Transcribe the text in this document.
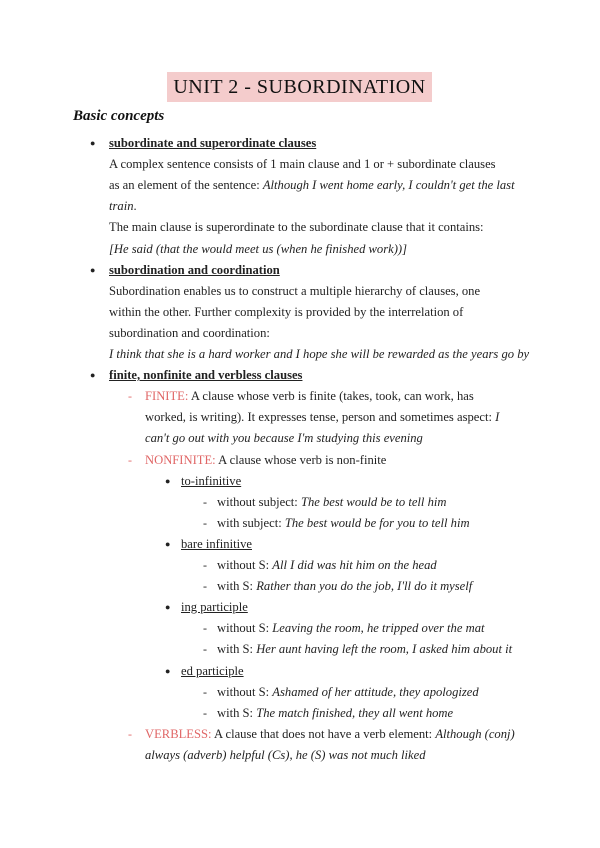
UNIT 2 - SUBORDINATION
Basic concepts
● subordinate and superordinate clauses
A complex sentence consists of 1 main clause and 1 or + subordinate clauses
as an element of the sentence: Although I went home early, I couldn't get the last
train.
The main clause is superordinate to the subordinate clause that it contains:
[He said (that the would meet us (when he finished work))]
● subordination and coordination
Subordination enables us to construct a multiple hierarchy of clauses, one
within the other. Further complexity is provided by the interrelation of
subordination and coordination:
I think that she is a hard worker and I hope she will be rewarded as the years go by
● finite, nonfinite and verbless clauses
- FINITE: A clause whose verb is finite (takes, took, can work, has
worked, is writing). It expresses tense, person and sometimes aspect: I
can't go out with you because I'm studying this evening
- NONFINITE: A clause whose verb is non-finite
● to-infinitive
- without subject: The best would be to tell him
- with subject: The best would be for you to tell him
● bare infinitive
- without S: All I did was hit him on the head
- with S: Rather than you do the job, I'll do it myself
● ing participle
- without S: Leaving the room, he tripped over the mat
- with S: Her aunt having left the room, I asked him about it
● ed participle
- without S: Ashamed of her attitude, they apologized
- with S: The match finished, they all went home
- VERBLESS: A clause that does not have a verb element: Although (conj)
always (adverb) helpful (Cs), he (S) was not much liked
